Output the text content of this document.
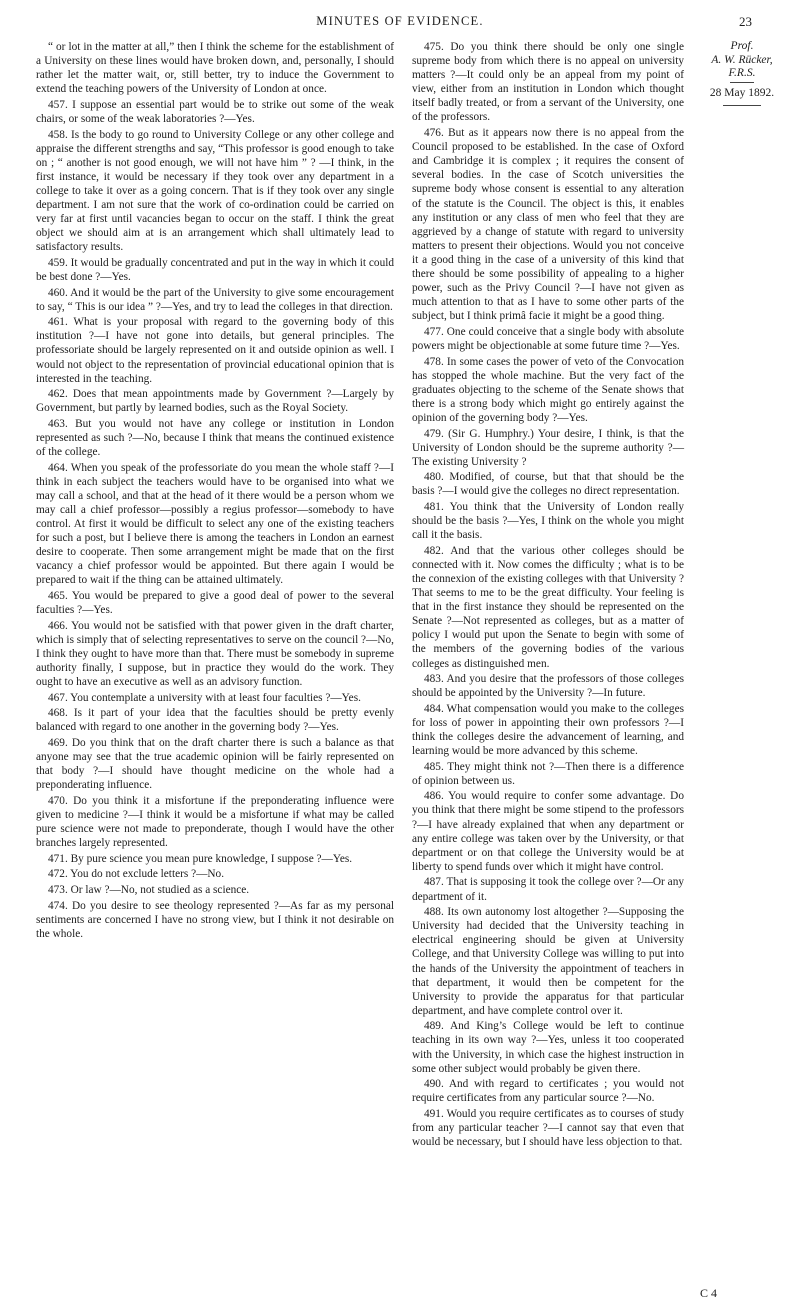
MINUTES OF EVIDENCE.	23

“ or lot in the matter at all,” then I think the scheme for the establishment of a University on these lines would have broken down, and, personally, I should rather let the matter wait, or, still better, try to induce the Government to extend the teaching powers of the University of London at once.

457. I suppose an essential part would be to strike out some of the weak chairs, or some of the weak laboratories ?—Yes.

458. Is the body to go round to University College or any other college and appraise the different strengths and say, “This professor is good enough to take on ; “ another is not good enough, we will not have him ” ? —I think, in the first instance, it would be necessary if they took over any department in a college to take it over as a going concern. That is if they took over any single department. I am not sure that the work of co-ordination could be carried on very far at first until vacancies began to occur on the staff. I think the great object we should aim at is an arrangement which shall ultimately lead to satisfactory results.

459. It would be gradually concentrated and put in the way in which it could be best done ?—Yes.

460. And it would be the part of the University to give some encouragement to say, “ This is our idea ” ?—Yes, and try to lead the colleges in that direction.

461. What is your proposal with regard to the governing body of this institution ?—I have not gone into details, but general principles. The professoriate should be largely represented on it and outside opinion as well. I would not object to the representation of provincial educational opinion that is interested in the teaching.

462. Does that mean appointments made by Government ?—Largely by Government, but partly by learned bodies, such as the Royal Society.

463. But you would not have any college or institution in London represented as such ?—No, because I think that means the continued existence of the college.

464. When you speak of the professoriate do you mean the whole staff ?—I think in each subject the teachers would have to be organised into what we may call a school, and that at the head of it there would be a person whom we may call a chief professor—possibly a regius professor—somebody to have control. At first it would be difficult to select any one of the existing teachers for such a post, but I believe there is among the teachers in London an earnest desire to cooperate. Then some arrangement might be made that on the first vacancy a chief professor would be appointed. But there again I would be prepared to wait if the thing can be attained ultimately.

465. You would be prepared to give a good deal of power to the several faculties ?—Yes.

466. You would not be satisfied with that power given in the draft charter, which is simply that of selecting representatives to serve on the council ?—No, I think they ought to have more than that. There must be somebody in supreme authority finally, I suppose, but in practice they would do the work. They ought to have an executive as well as an advisory function.

467. You contemplate a university with at least four faculties ?—Yes.

468. Is it part of your idea that the faculties should be pretty evenly balanced with regard to one another in the governing body ?—Yes.

469. Do you think that on the draft charter there is such a balance as that anyone may see that the true academic opinion will be fairly represented on that body ?—I should have thought medicine on the whole had a preponderating influence.

470. Do you think it a misfortune if the preponderating influence were given to medicine ?—I think it would be a misfortune if what may be called pure science were not made to preponderate, though I would have the other branches largely represented.

471. By pure science you mean pure knowledge, I suppose ?—Yes.

472. You do not exclude letters ?—No.

473. Or law ?—No, not studied as a science.

474. Do you desire to see theology represented ?—As far as my personal sentiments are concerned I have no strong view, but I think it not desirable on the whole.

475. Do you think there should be only one single supreme body from which there is no appeal on university matters ?—It could only be an appeal from my point of view, either from an institution in London which thought itself badly treated, or from a servant of the University, one of the professors.

476. But as it appears now there is no appeal from the Council proposed to be established. In the case of Oxford and Cambridge it is complex ; it requires the consent of several bodies. In the case of Scotch universities the supreme body whose consent is essential to any alteration of the statute is the Council. The object is this, it enables any institution or any class of men who feel that they are aggrieved by a change of statute with regard to university matters to present their objections. Would you not conceive it a good thing in the case of a university of this kind that there should be some possibility of appealing to a higher power, such as the Privy Council ?—I have not given as much attention to that as I have to some other parts of the subject, but I think primâ facie it might be a good thing.

477. One could conceive that a single body with absolute powers might be objectionable at some future time ?—Yes.

478. In some cases the power of veto of the Convocation has stopped the whole machine. But the very fact of the graduates objecting to the scheme of the Senate shows that there is a strong body which might go entirely against the opinion of the governing body ?—Yes.

479. (Sir G. Humphry.) Your desire, I think, is that the University of London should be the supreme authority ?—The existing University ?

480. Modified, of course, but that that should be the basis ?—I would give the colleges no direct representation.

481. You think that the University of London really should be the basis ?—Yes, I think on the whole you might call it the basis.

482. And that the various other colleges should be connected with it. Now comes the difficulty ; what is to be the connexion of the existing colleges with that University ? That seems to me to be the great difficulty. Your feeling is that in the first instance they should be represented on the Senate ?—Not represented as colleges, but as a matter of policy I would put upon the Senate to begin with some of the members of the governing bodies of the various colleges as distinguished men.

483. And you desire that the professors of those colleges should be appointed by the University ?—In future.

484. What compensation would you make to the colleges for loss of power in appointing their own professors ?—I think the colleges desire the advancement of learning, and learning would be more advanced by this scheme.

485. They might think not ?—Then there is a difference of opinion between us.

486. You would require to confer some advantage. Do you think that there might be some stipend to the professors ?—I have already explained that when any department or any entire college was taken over by the University, or that department or on that college the University would be at liberty to spend funds over which it might have control.

487. That is supposing it took the college over ?—Or any department of it.

488. Its own autonomy lost altogether ?—Supposing the University had decided that the University teaching in electrical engineering should be given at University College, and that University College was willing to put into the hands of the University the appointment of teachers in that department, it would then be competent for the University to provide the apparatus for that particular department, and have complete control over it.

489. And King’s College would be left to continue teaching in its own way ?—Yes, unless it too cooperated with the University, in which case the highest instruction in some other subject would probably be given there.

490. And with regard to certificates ; you would not require certificates from any particular source ?—No.

491. Would you require certificates as to courses of study from any particular teacher ?—I cannot say that even that would be necessary, but I should have less objection to that.

Prof.
A. W. Rücker,
F.R.S.
28 May 1892.
C 4
